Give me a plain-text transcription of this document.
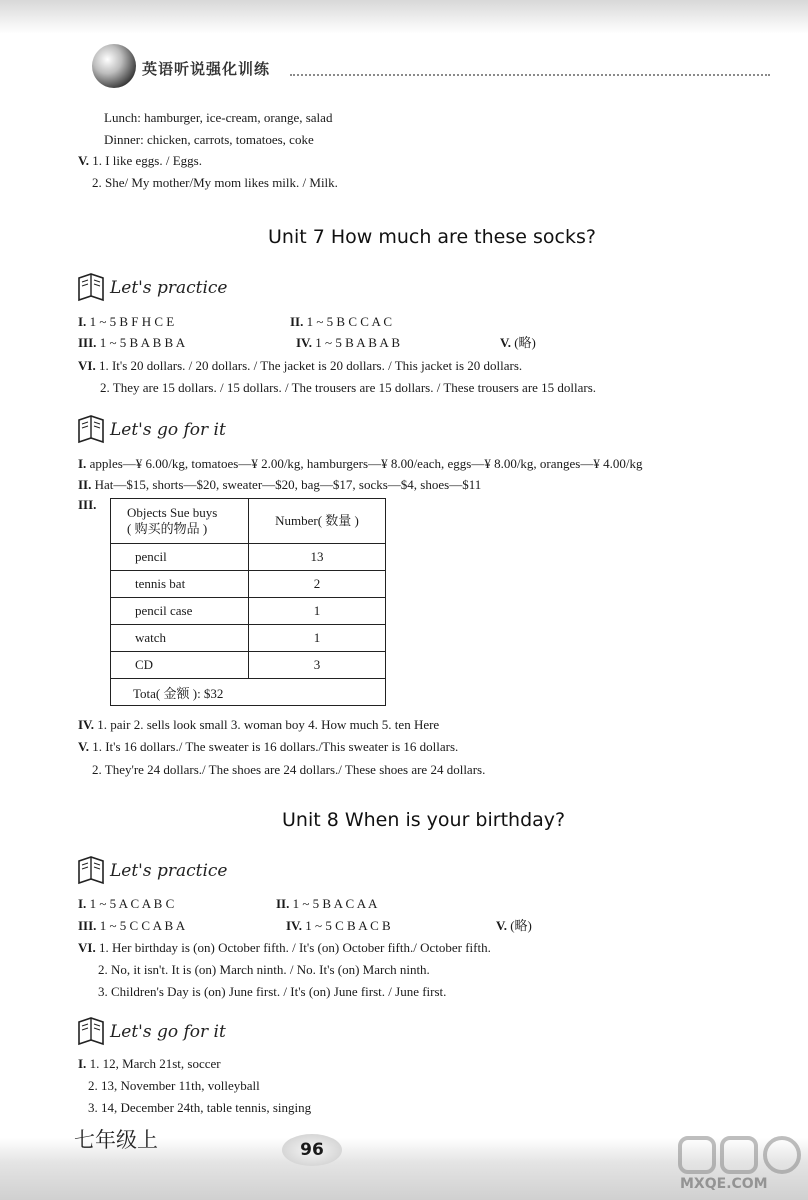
英语听说强化训练
Lunch: hamburger, ice-cream, orange, salad
Dinner: chicken, carrots, tomatoes, coke
V. 1. I like eggs. / Eggs.
2. She/ My mother/My mom likes milk. / Milk.
Unit 7 How much are these socks?
Let's practice
I. 1 ~ 5 B F H C E	II. 1 ~ 5 B C C A C
III. 1 ~ 5 B A B B A	IV. 1 ~ 5 B A B A B	V. (略)
VI. 1. It's 20 dollars. / 20 dollars. / The jacket is 20 dollars. / This jacket is 20 dollars.
2. They are 15 dollars. / 15 dollars. / The trousers are 15 dollars. / These trousers are 15 dollars.
Let's go for it
I. apples—¥ 6.00/kg, tomatoes—¥ 2.00/kg, hamburgers—¥ 8.00/each, eggs—¥ 8.00/kg, oranges—¥ 4.00/kg
II. Hat—$15, shorts—$20, sweater—$20, bag—$17, socks—$4, shoes—$11
III.
Objects Sue buys
( 购买的物品 )	Number( 数量 )
pencil	13
tennis bat	2
pencil case	1
watch	1
CD	3
Tota( 金额 ): $32	
IV. 1. pair 2. sells look small 3. woman boy 4. How much 5. ten Here
V. 1. It's 16 dollars./ The sweater is 16 dollars./This sweater is 16 dollars.
2. They're 24 dollars./ The shoes are 24 dollars./ These shoes are 24 dollars.
Unit 8 When is your birthday?
Let's practice
I. 1 ~ 5 A C A B C	II. 1 ~ 5 B A C A A
III. 1 ~ 5 C C A B A	IV. 1 ~ 5 C B A C B	V. (略)
VI. 1. Her birthday is (on) October fifth. / It's (on) October fifth./ October fifth.
2. No, it isn't. It is (on) March ninth. / No. It's (on) March ninth.
3. Children's Day is (on) June first. / It's (on) June first. / June first.
Let's go for it
I. 1. 12, March 21st, soccer
2. 13, November 11th, volleyball
3. 14, December 24th, table tennis, singing
七年级上	96
MXQE.COM
